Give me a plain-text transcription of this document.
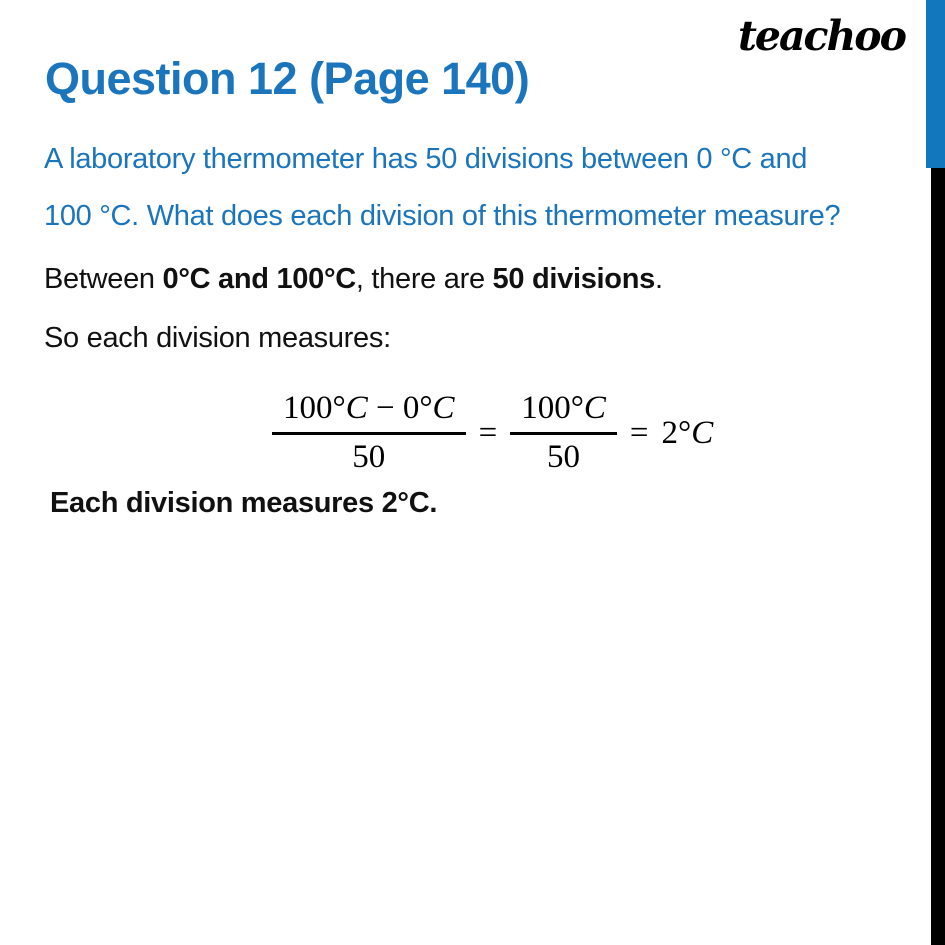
teachoo
Question 12 (Page 140)
A laboratory thermometer has 50 divisions between 0 °C and
100 °C. What does each division of this thermometer measure?
Between 0°C and 100°C, there are 50 divisions.
So each division measures:
$\frac{100^\circ C - 0^\circ C}{50} = \frac{100^\circ C}{50} = 2^\circ C$
Each division measures 2°C.
